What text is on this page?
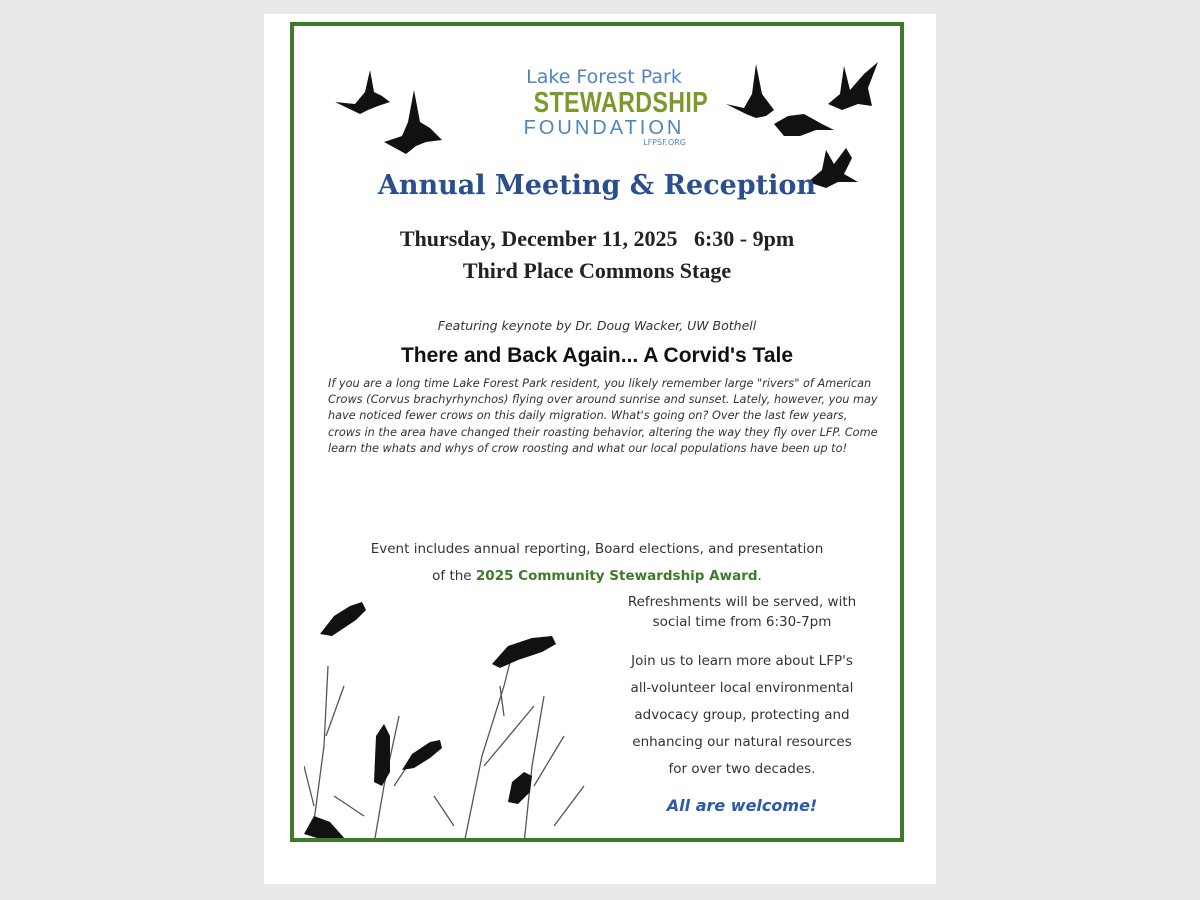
Lake Forest Park
STEWARDSHIP
FOUNDATION
LFPSF.ORG
Annual Meeting & Reception
Thursday, December 11, 2025   6:30 - 9pm
Third Place Commons Stage
Featuring keynote by Dr. Doug Wacker, UW Bothell
There and Back Again... A Corvid's Tale
If you are a long time Lake Forest Park resident, you likely remember large "rivers" of American Crows (Corvus brachyrhynchos) flying over around sunrise and sunset. Lately, however, you may have noticed fewer crows on this daily migration. What's going on? Over the last few years, crows in the area have changed their roasting behavior, altering the way they fly over LFP. Come learn the whats and whys of crow roosting and what our local populations have been up to!
Event includes annual reporting, Board elections, and presentation
of the 2025 Community Stewardship Award.
Refreshments will be served, with
social time from 6:30-7pm
Join us to learn more about LFP's
all-volunteer local environmental
advocacy group, protecting and
enhancing our natural resources
for over two decades.
All are welcome!
